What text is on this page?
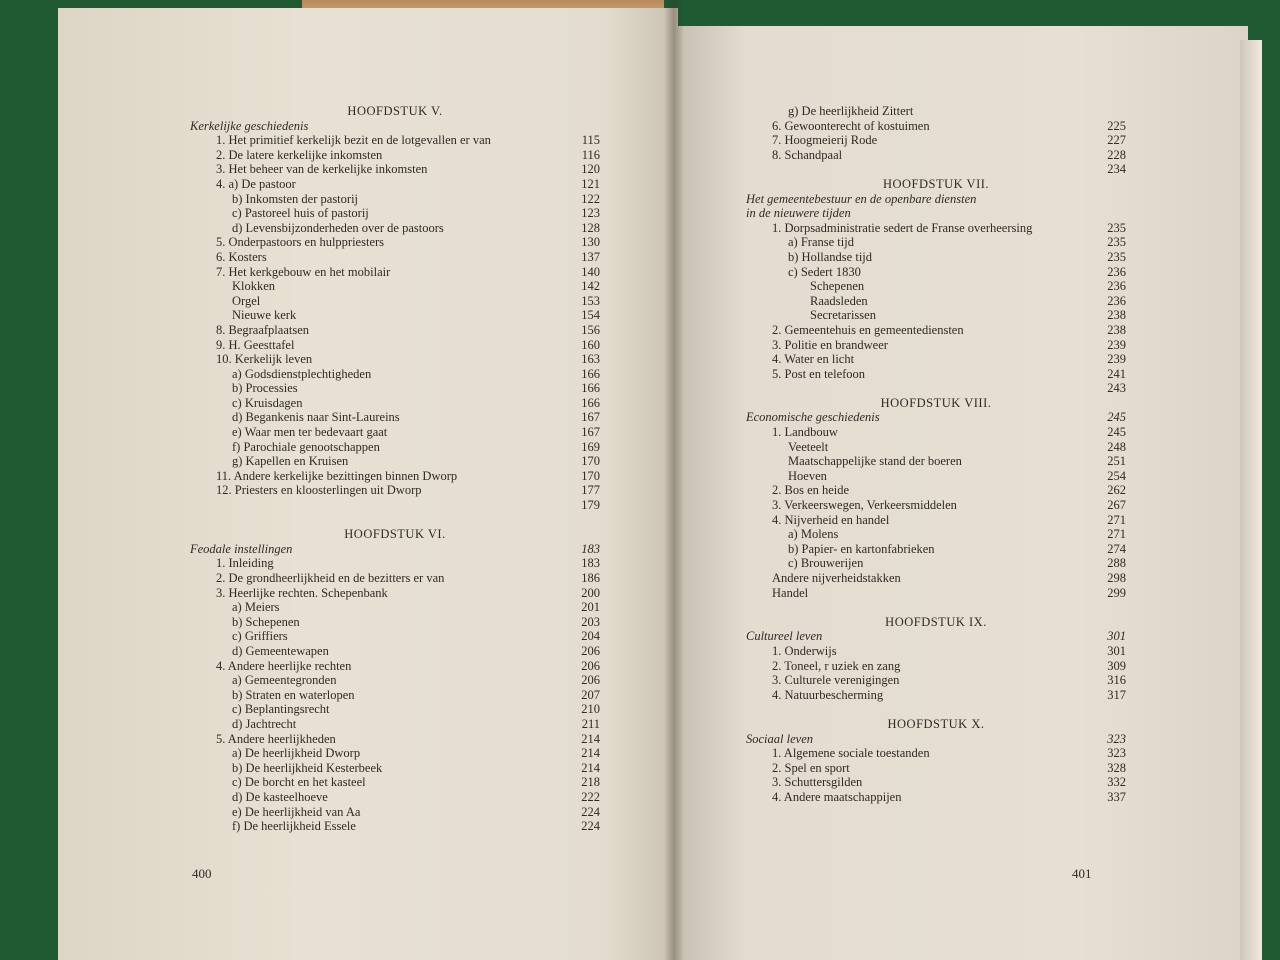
HOOFDSTUK V.
Kerkelijke geschiedenis
1. Het primitief kerkelijk bezit en de lotgevallen er van	115
2. De latere kerkelijke inkomsten	116
3. Het beheer van de kerkelijke inkomsten	120
4. a) De pastoor	121
b) Inkomsten der pastorij	122
c) Pastoreel huis of pastorij	123
d) Levensbijzonderheden over de pastoors	128
5. Onderpastoors en hulppriesters	130
6. Kosters	137
7. Het kerkgebouw en het mobilair	140
Klokken	142
Orgel	153
Nieuwe kerk	154
8. Begraafplaatsen	156
9. H. Geesttafel	160
10. Kerkelijk leven	163
a) Godsdienstplechtigheden	166
b) Processies	166
c) Kruisdagen	166
d) Begankenis naar Sint-Laureins	167
e) Waar men ter bedevaart gaat	167
f) Parochiale genootschappen	169
g) Kapellen en Kruisen	170
11. Andere kerkelijke bezittingen binnen Dworp	170
12. Priesters en kloosterlingen uit Dworp	177
179
HOOFDSTUK VI.
Feodale instellingen	183
1. Inleiding	183
2. De grondheerlijkheid en de bezitters er van	186
3. Heerlijke rechten. Schepenbank	200
a) Meiers	201
b) Schepenen	203
c) Griffiers	204
d) Gemeentewapen	206
4. Andere heerlijke rechten	206
a) Gemeentegronden	206
b) Straten en waterlopen	207
c) Beplantingsrecht	210
d) Jachtrecht	211
5. Andere heerlijkheden	214
a) De heerlijkheid Dworp	214
b) De heerlijkheid Kesterbeek	214
c) De borcht en het kasteel	218
d) De kasteelhoeve	222
e) De heerlijkheid van Aa	224
f) De heerlijkheid Essele	224
g) De heerlijkheid Zittert
6. Gewoonterecht of kostuimen	225
7. Hoogmeierij Rode	227
8. Schandpaal	228
234
HOOFDSTUK VII.
Het gemeentebestuur en de openbare diensten
in de nieuwere tijden
1. Dorpsadministratie sedert de Franse overheersing	235
a) Franse tijd	235
b) Hollandse tijd	235
c) Sedert 1830	236
Schepenen	236
Raadsleden	236
Secretarissen	238
2. Gemeentehuis en gemeentediensten	238
3. Politie en brandweer	239
4. Water en licht	239
5. Post en telefoon	241
243
HOOFDSTUK VIII.
Economische geschiedenis	245
1. Landbouw	245
Veeteelt	248
Maatschappelijke stand der boeren	251
Hoeven	254
2. Bos en heide	262
3. Verkeerswegen, Verkeersmiddelen	267
4. Nijverheid en handel	271
a) Molens	271
b) Papier- en kartonfabrieken	274
c) Brouwerijen	288
Andere nijverheidstakken	298
Handel	299
HOOFDSTUK IX.
Cultureel leven	301
1. Onderwijs	301
2. Toneel, r uziek en zang	309
3. Culturele verenigingen	316
4. Natuurbescherming	317
HOOFDSTUK X.
Sociaal leven	323
1. Algemene sociale toestanden	323
2. Spel en sport	328
3. Schuttersgilden	332
4. Andere maatschappijen	337
400	401
